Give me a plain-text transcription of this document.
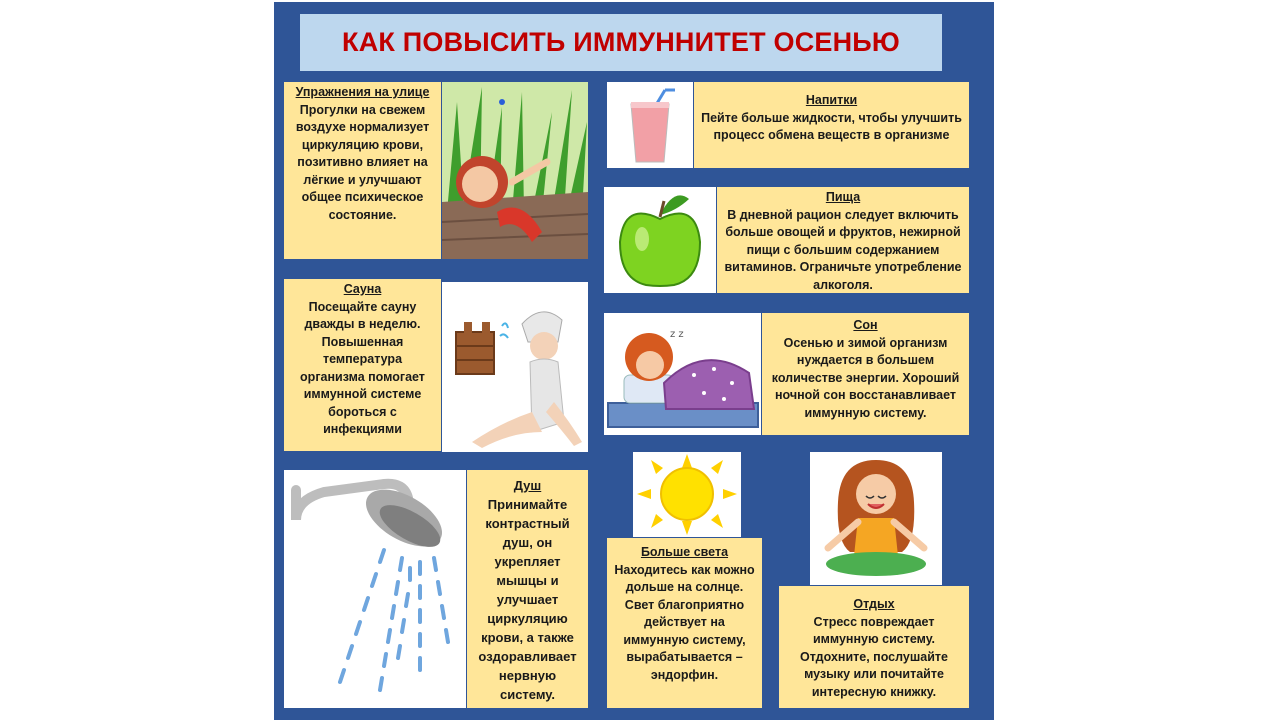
КАК ПОВЫСИТЬ ИММУННИТЕТ ОСЕНЬЮ
Упражнения на улице
Прогулки на свежем воздухе нормализует циркуляцию крови, позитивно влияет на лёгкие и улучшают общее психическое состояние.
Напитки
Пейте больше жидкости, чтобы улучшить процесс обмена веществ в организме
Пища
В дневной рацион следует включить больше овощей и фруктов, нежирной пищи с большим содержанием витаминов. Ограничьте употребление алкоголя.
Сауна
Посещайте сауну дважды в неделю. Повышенная температура организма помогает иммунной системе бороться с инфекциями
z z
Сон
Осенью и зимой организм нуждается в большем количестве энергии. Хороший ночной сон восстанавливает иммунную систему.
Душ
Принимайте контрастный душ, он укрепляет мышцы и улучшает циркуляцию крови, а также оздоравливает нервную систему.
Больше света
Находитесь как можно дольше на солнце. Свет благоприятно действует на иммунную систему, вырабатывается – эндорфин.
Отдых
Стресс повреждает иммунную систему. Отдохните, послушайте музыку или почитайте интересную книжку.
